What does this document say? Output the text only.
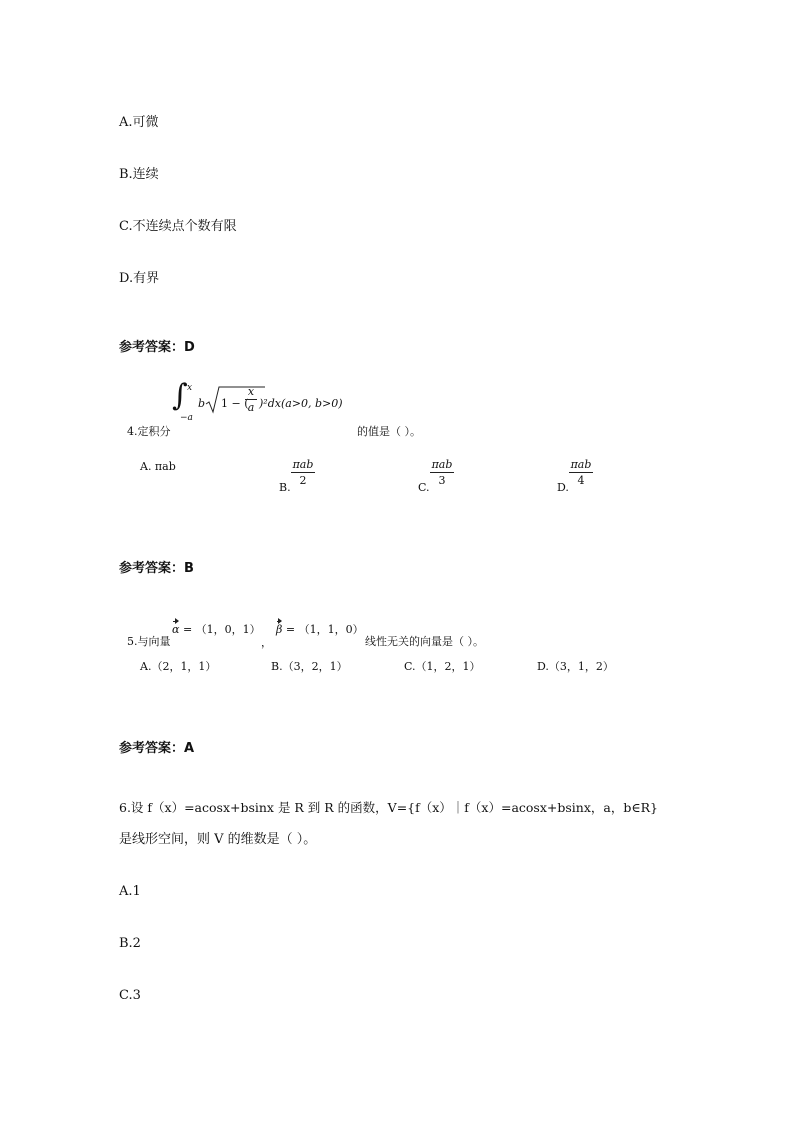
A.可微
B.连续
C.不连续点个数有限
D.有界
参考答案：D
4.定积分
∫ x
−a
b 1 − (
$\frac{x}{a} )^2dx(a>0$, b>0)
的值是（ ）。
A. πab
B.
πab
2
C.
πab
3
D.
πab
4
参考答案：B
5.与向量
α = （1，0，1）
，
β = （1，1，0）
线性无关的向量是（ ）。
A.（2，1，1）	B.（3，2，1）	C.（1，2，1）	D.（3，1，2）
参考答案：A
6.设 f（x）=acosx+bsinx 是 R 到 R 的函数，V={f（x）｜f（x）=acosx+bsinx，a，b∈R}
是线形空间，则 V 的维数是（ ）。
A.1
B.2
C.3
